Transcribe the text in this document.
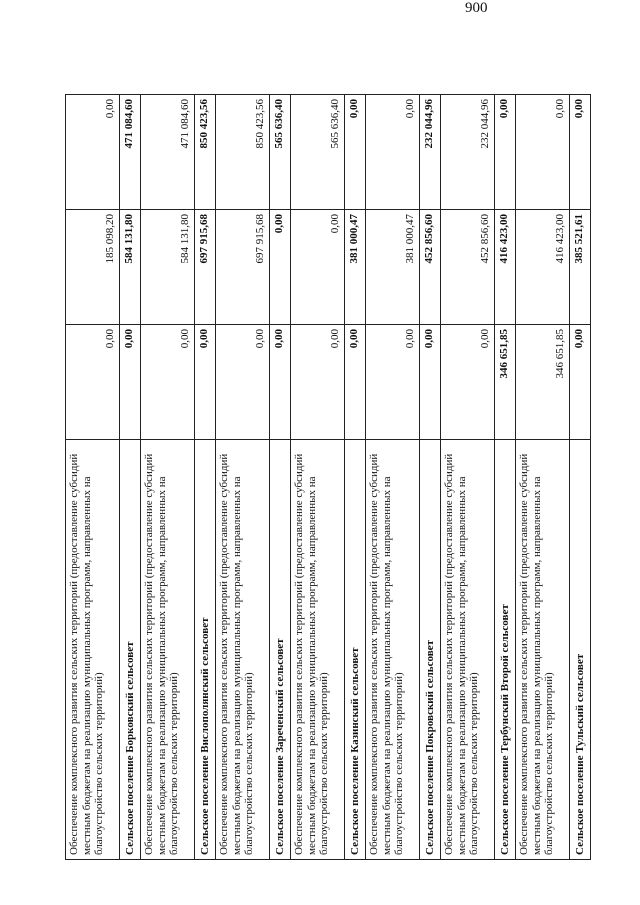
Обеспечение комплексного развития сельских территорий (предоставление субсидий местным бюджетам на реализацию муниципальных программ, направленных на благоустройство сельских территорий)	0,00	185 098,20	0,00
Сельское поселение Борковский сельсовет	0,00	584 131,80	471 084,60
Обеспечение комплексного развития сельских территорий (предоставление субсидий местным бюджетам на реализацию муниципальных программ, направленных на благоустройство сельских территорий)	0,00	584 131,80	471 084,60
Сельское поселение Вислополянский сельсовет	0,00	697 915,68	850 423,56
Обеспечение комплексного развития сельских территорий (предоставление субсидий местным бюджетам на реализацию муниципальных программ, направленных на благоустройство сельских территорий)	0,00	697 915,68	850 423,56
Сельское поселение Зареченский сельсовет	0,00	0,00	565 636,40
Обеспечение комплексного развития сельских территорий (предоставление субсидий местным бюджетам на реализацию муниципальных программ, направленных на благоустройство сельских территорий)	0,00	0,00	565 636,40
Сельское поселение Казинский сельсовет	0,00	381 000,47	0,00
Обеспечение комплексного развития сельских территорий (предоставление субсидий местным бюджетам на реализацию муниципальных программ, направленных на благоустройство сельских территорий)	0,00	381 000,47	0,00
Сельское поселение Покровский сельсовет	0,00	452 856,60	232 044,96
Обеспечение комплексного развития сельских территорий (предоставление субсидий местным бюджетам на реализацию муниципальных программ, направленных на благоустройство сельских территорий)	0,00	452 856,60	232 044,96
Сельское поселение Тербунский Второй сельсовет	346 651,85	416 423,00	0,00
Обеспечение комплексного развития сельских территорий (предоставление субсидий местным бюджетам на реализацию муниципальных программ, направленных на благоустройство сельских территорий)	346 651,85	416 423,00	0,00
Сельское поселение Тульский сельсовет	0,00	385 521,61	0,00
900
